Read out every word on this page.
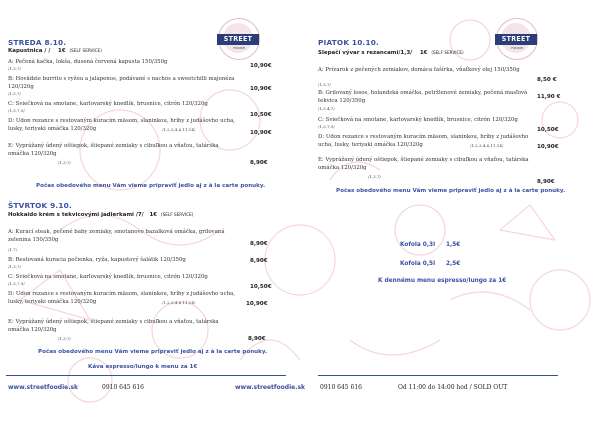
STREET
FOODIE
STREET
FOODIE
STREDA 8.10.
Kapustnica / / 1€ (SELF SERVICE)
A: Pečená kačka, lokša, dusená červená kapusta 150/350g
/1,3,7/	10,90€
B: Hovädzie burrito s ryžou a jalapenos, podávané s nachos a sweetchilli majonéza 120/320g
/1,3,7/
10,90€
C: Sviečková na smotane, karlovarský knedlík, brusnice, citrón 120/320g
/1,3,7,9/
10,50€
D: Udon rezance s restovaným kuracím mäsom, slaninkou, hríby z judášovho ucha, lusky, teriyaki omáčka 120/320g	/1,2,3,4,6,11,14/
10,90€
E: Vyprážaný údený oštiepok, štiepané zemiaky s cibuľkou a vňaťou, tatárska omáčka 120/320g
/1,3,7/	8,90€
Počas obedového menu Vám vieme pripraviť jedlo aj z à la carte ponuky.
ŠTVRTOK 9.10.
Hokkaido krém s tekvicovými jadierkami /7/ 1€ (SELF SERVICE)
A: Kurací steak, pečené baby zemiaky, smotanovo bazalková omáčka, grilovaná zelenina 150/350g
/1,7/
8,90€
B: Restovaná kuracia pečienka, ryža, kapustový šalátik 120/350g
/1,3,7/
8,90€
C: Sviečková na smotane, karlovarský knedlík, brusnice, citrón 120/320g
/1,3,7,9/
10,50€
D: Udon rezance s restovaným kuracím mäsom, slaninkou, hríby z judášovho ucha, lusky, teriyaki omáčka 120/320g	/1,2,3,4,6,11,14/	10,90€
E: Vyprážaný údený oštiepok, štiepané zemiaky s cibuľkou a vňaťou, tatárska omáčka 120/320g
/1,3,7/	8,90€
Počas obedového menu Vám vieme pripraviť jedlo aj z à la carte ponuky.
Káva espresso/lungo k menu za 1€
PIATOK 10.10.
Slepačí vývar s rezancami/1,3/ 1€ (SELF SERVICE)
A: Prívarok z pečených zemiakov, domáca fašírka, vňaťkový olej 150/350g
/1,3,7/
8,50 €
B: Grilovaný losos, holandská omáčka, petržlenové zemiaky, pečená masľová tekvica 120/350g
/1,3,4,7/
11,90 €
C: Sviečková na smotane, karlovarský knedlík, brusnice, citrón 120/320g
/1,3,7,9/
10,50€
D: Udon rezance s restovaným kuracím mäsom, slaninkou, hríby z judášovho ucha, lusky, teriyaki omáčka 120/320g	/1,2,3,4,6,11,14/	10,90€
E: Vyprážaný údený oštiepok, štiepané zemiaky s cibuľkou a vňaťou, tatárska omáčka 120/320g
/1,3,7/
8,90€
Počas obedového menu Vám vieme pripraviť jedlo aj z à la carte ponuky.
Kofola 0,3l 1,5€
Kofola 0,5l 2,5€
K dennému menu espresso/lungo za 1€
www.streetfoodie.sk	0910 645 616	www.streetfoodie.sk 0910 645 616	Od 11:00 do 14:00 hod / SOLD OUT
